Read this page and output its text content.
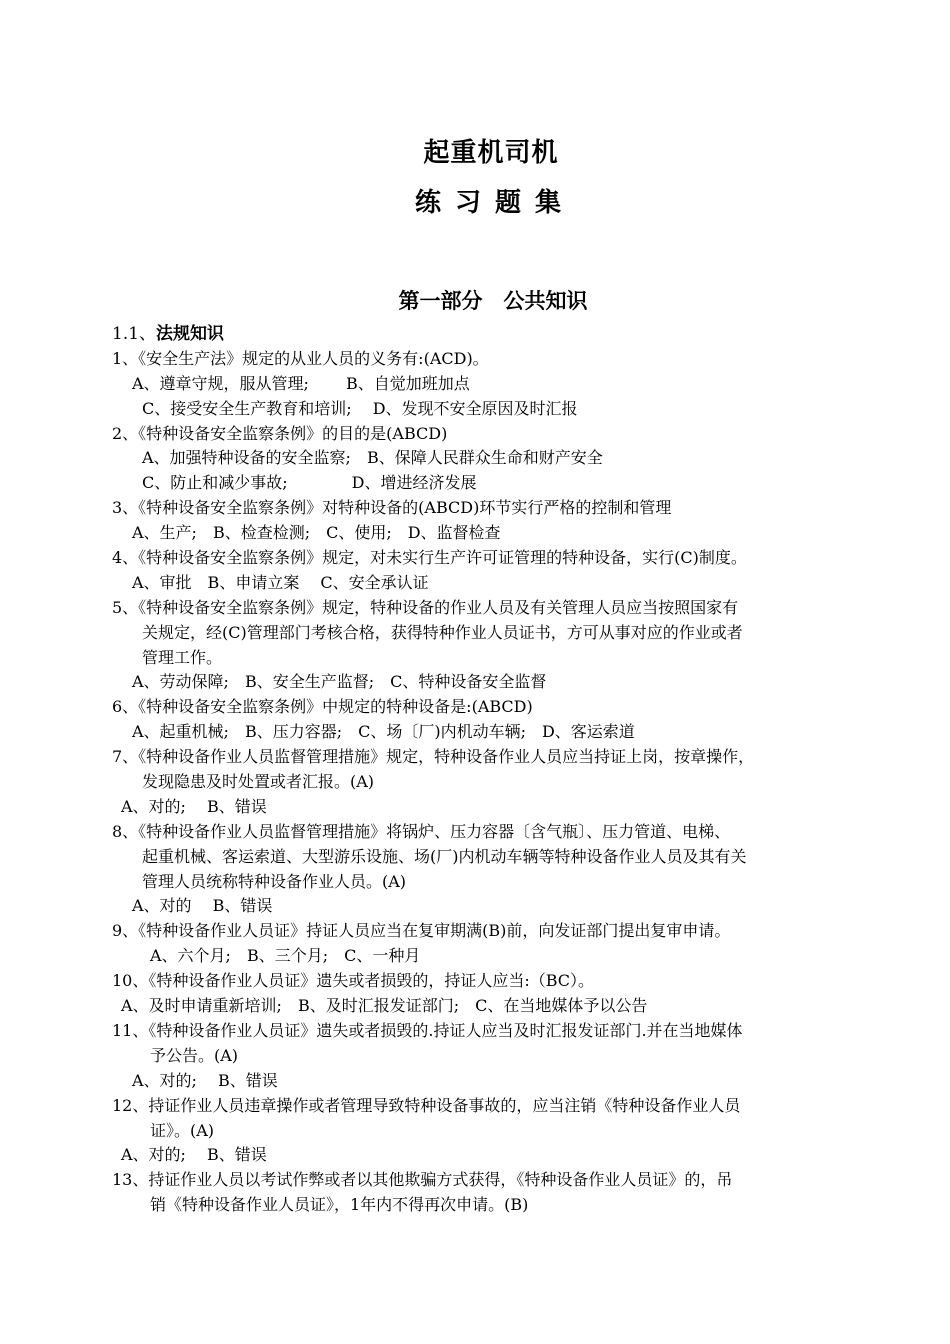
起重机司机
练习题集
第一部分　公共知识
1.1、法规知识
1、《安全生产法》规定的从业人员的义务有:(ACD)。
A、遵章守规，服从管理;　　 B、自觉加班加点
C、接受安全生产教育和培训;　 D、发现不安全原因及时汇报
2、《特种设备安全监察条例》的目的是(ABCD)
A、加强特种设备的安全监察;　B、保障人民群众生命和财产安全
C、防止和减少事故;　　　　D、增进经济发展
3、《特种设备安全监察条例》对特种设备的(ABCD)环节实行严格的控制和管理
A、生产;　B、检查检测;　C、使用;　D、监督检查
4、《特种设备安全监察条例》规定，对未实行生产许可证管理的特种设备，实行(C)制度。
A、审批　B、申请立案　 C、安全承认证
5、《特种设备安全监察条例》规定，特种设备的作业人员及有关管理人员应当按照国家有
关规定，经(C)管理部门考核合格，获得特种作业人员证书，方可从事对应的作业或者
管理工作。
A、劳动保障;　B、安全生产监督;　C、特种设备安全监督
6、《特种设备安全监察条例》中规定的特种设备是:(ABCD)
A、起重机械;　B、压力容器;　C、场〔厂)内机动车辆;　D、客运索道
7、《特种设备作业人员监督管理措施》规定，特种设备作业人员应当持证上岗，按章操作，
发现隐患及时处置或者汇报。(A)
A、对的;　 B、错误
8、《特种设备作业人员监督管理措施》将锅炉、压力容器〔含气瓶〕、压力管道、电梯、
起重机械、客运索道、大型游乐设施、场(厂)内机动车辆等特种设备作业人员及其有关
管理人员统称特种设备作业人员。(A)
A、对的　 B、错误
9、《特种设备作业人员证》持证人员应当在复审期满(B)前，向发证部门提出复审申请。
A、六个月;　B、三个月;　C、一种月
10、《特种设备作业人员证》遗失或者损毁的，持证人应当:（BC）。
A、及时申请重新培训;　B、及时汇报发证部门;　C、在当地媒体予以公告
11、《特种设备作业人员证》遗失或者损毁的.持证人应当及时汇报发证部门.并在当地媒体
予公告。(A)
A、对的;　 B、错误
12、持证作业人员违章操作或者管理导致特种设备事故的，应当注销《特种设备作业人员
证》。(A)
A、对的;　 B、错误
13、持证作业人员以考试作弊或者以其他欺骗方式获得，《特种设备作业人员证》的，吊
销《特种设备作业人员证》，1年内不得再次申请。(B)
